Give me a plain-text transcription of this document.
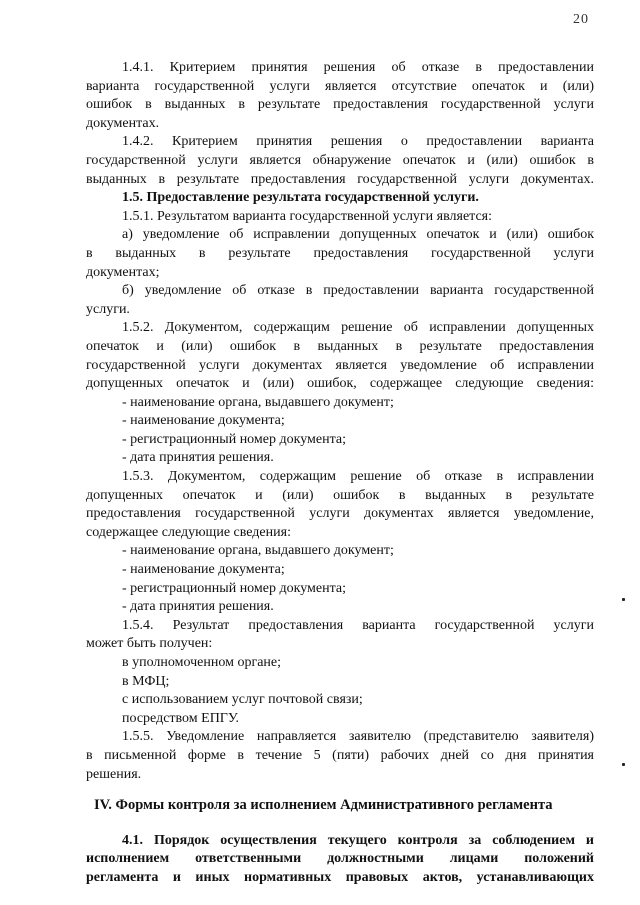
20
1.4.1. Критерием принятия решения об отказе в предоставлении
варианта государственной услуги является отсутствие опечаток и (или)
ошибок в выданных в результате предоставления государственной услуги
документах.
1.4.2. Критерием принятия решения о предоставлении варианта
государственной услуги является обнаружение опечаток и (или) ошибок в
выданных в результате предоставления государственной услуги документах.
1.5. Предоставление результата государственной услуги.
1.5.1. Результатом варианта государственной услуги является:
а) уведомление об исправлении допущенных опечаток и (или) ошибок
в выданных в результате предоставления государственной услуги
документах;
б) уведомление об отказе в предоставлении варианта государственной
услуги.
1.5.2. Документом, содержащим решение об исправлении допущенных
опечаток и (или) ошибок в выданных в результате предоставления
государственной услуги документах является уведомление об исправлении
допущенных опечаток и (или) ошибок, содержащее следующие сведения:
- наименование органа, выдавшего документ;
- наименование документа;
- регистрационный номер документа;
- дата принятия решения.
1.5.3. Документом, содержащим решение об отказе в исправлении
допущенных опечаток и (или) ошибок в выданных в результате
предоставления государственной услуги документах является уведомление,
содержащее следующие сведения:
- наименование органа, выдавшего документ;
- наименование документа;
- регистрационный номер документа;
- дата принятия решения.
1.5.4. Результат предоставления варианта государственной услуги
может быть получен:
в уполномоченном органе;
в МФЦ;
с использованием услуг почтовой связи;
посредством ЕПГУ.
1.5.5. Уведомление направляется заявителю (представителю заявителя)
в письменной форме в течение 5 (пяти) рабочих дней со дня принятия
решения.
IV. Формы контроля за исполнением Административного регламента
4.1. Порядок осуществления текущего контроля за соблюдением и
исполнением ответственными должностными лицами положений
регламента и иных нормативных правовых актов, устанавливающих
